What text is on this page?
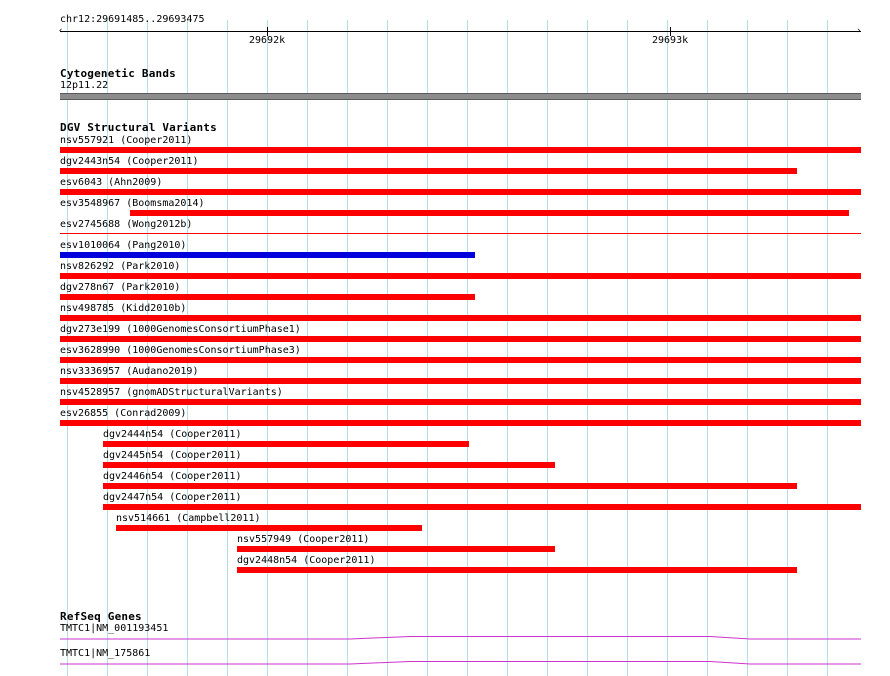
chr12:29691485..29693475
‹	›
29692k	29693k
Cytogenetic Bands
12p11.22
DGV Structural Variants
nsv557921 (Cooper2011)
dgv2443n54 (Cooper2011)
esv6043 (Ahn2009)
esv3548967 (Boomsma2014)
esv2745688 (Wong2012b)
esv1010064 (Pang2010)
nsv826292 (Park2010)
dgv278n67 (Park2010)
nsv498785 (Kidd2010b)
dgv273e199 (1000GenomesConsortiumPhase1)
esv3628990 (1000GenomesConsortiumPhase3)
nsv3336957 (Audano2019)
nsv4528957 (gnomADStructuralVariants)
esv26855 (Conrad2009)
dgv2444n54 (Cooper2011)
dgv2445n54 (Cooper2011)
dgv2446n54 (Cooper2011)
dgv2447n54 (Cooper2011)
nsv514661 (Campbell2011)
nsv557949 (Cooper2011)
dgv2448n54 (Cooper2011)
RefSeq Genes
TMTC1|NM_001193451
TMTC1|NM_175861
